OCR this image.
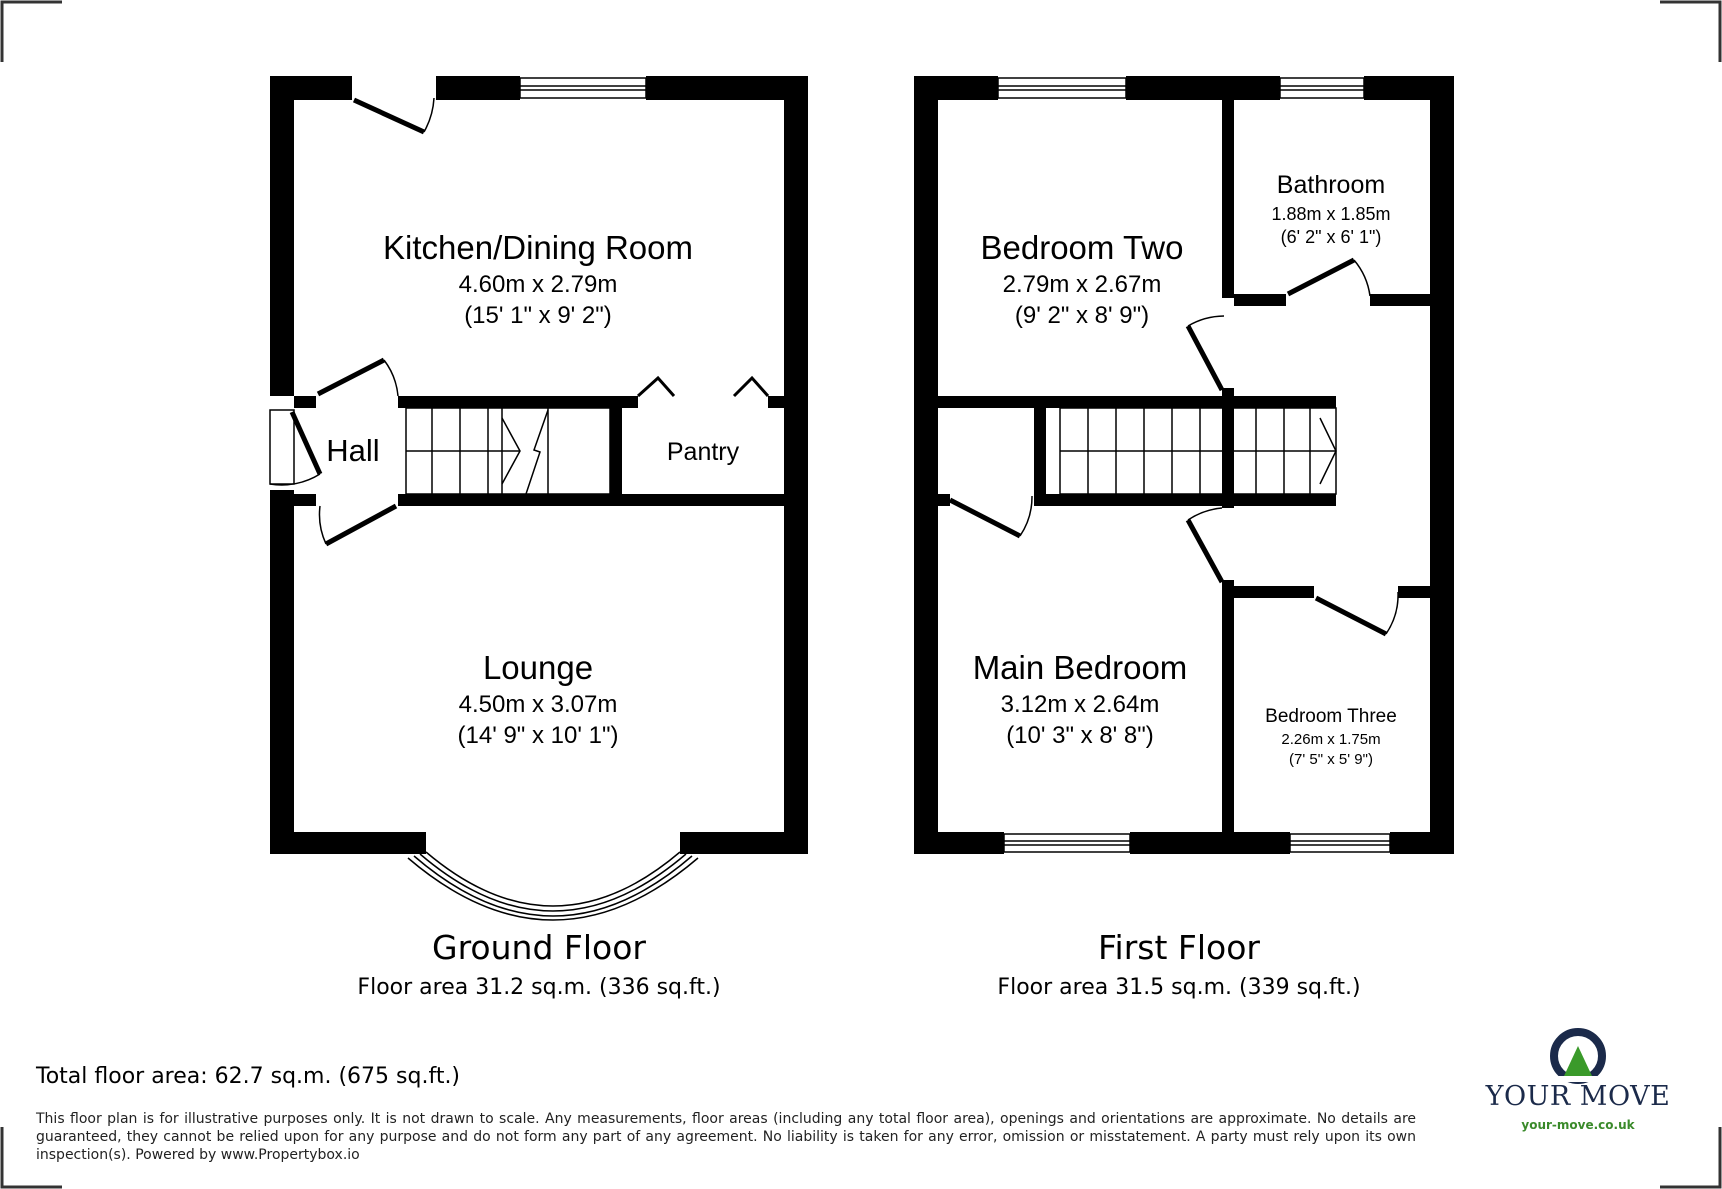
Kitchen/Dining Room
4.60m x 2.79m
(15' 1" x 9' 2")
Hall	Pantry
Lounge
4.50m x 3.07m
(14' 9" x 10' 1")
Bedroom Two
2.79m x 2.67m
(9' 2" x 8' 9")
Bathroom
1.88m x 1.85m
(6' 2" x 6' 1")
Main Bedroom
3.12m x 2.64m
(10' 3" x 8' 8")
Bedroom Three
2.26m x 1.75m
(7' 5" x 5' 9")
Ground Floor
Floor area 31.2 sq.m. (336 sq.ft.)
First Floor
Floor area 31.5 sq.m. (339 sq.ft.)
Total floor area: 62.7 sq.m. (675 sq.ft.)
This floor plan is for illustrative purposes only. It is not drawn to scale. Any measurements, floor areas (including any total floor area), openings and orientations are approximate. No details are guaranteed, they cannot be relied upon for any purpose and do not form any part of any agreement. No liability is taken for any error, omission or misstatement. A party must rely upon its own inspection(s). Powered by www.Propertybox.io
YOUR MOVE
your-move.co.uk
